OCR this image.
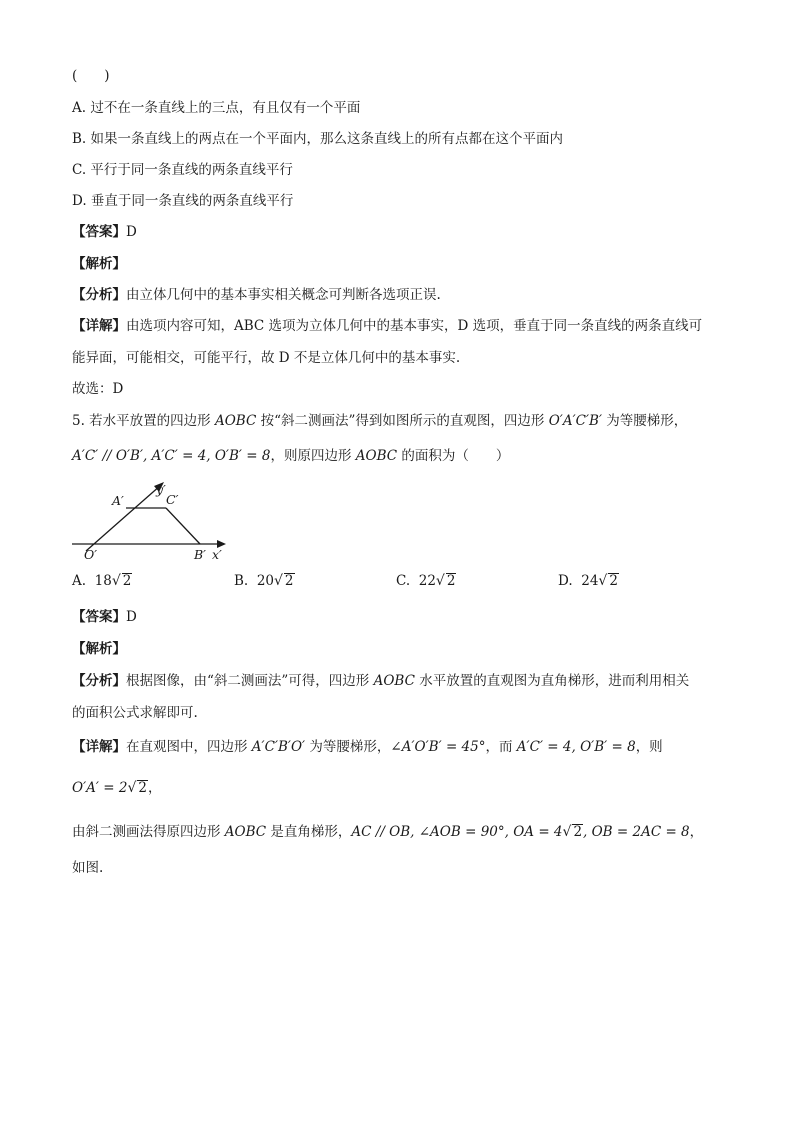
(　　)
A. 过不在一条直线上的三点，有且仅有一个平面
B. 如果一条直线上的两点在一个平面内，那么这条直线上的所有点都在这个平面内
C. 平行于同一条直线的两条直线平行
D. 垂直于同一条直线的两条直线平行
【答案】D
【解析】
【分析】由立体几何中的基本事实相关概念可判断各选项正误.
【详解】由选项内容可知，ABC 选项为立体几何中的基本事实，D 选项，垂直于同一条直线的两条直线可
能异面，可能相交，可能平行，故 D 不是立体几何中的基本事实.
故选：D
5. 若水平放置的四边形 AOBC 按“斜二测画法”得到如图所示的直观图，四边形 O′A′C′B′ 为等腰梯形，
A′C′ // O′B′, A′C′ = 4, O′B′ = 8，则原四边形 AOBC 的面积为（　　）
A′	C′
y′
O′	B′ x′
A. 18√ 2	B. 20√ 2	C. 22√ 2	D. 24√ 2
【答案】D
【解析】
【分析】根据图像，由“斜二测画法”可得，四边形 AOBC 水平放置的直观图为直角梯形，进而利用相关
的面积公式求解即可.
【详解】在直观图中，四边形 A′C′B′O′ 为等腰梯形，∠A′O′B′ = 45°，而 A′C′ = 4, O′B′ = 8，则
O′A′ = 2√ 2，
由斜二测画法得原四边形 AOBC 是直角梯形，AC // OB, ∠AOB = 90°, OA = 4√ 2, OB = 2AC = 8，
如图.
